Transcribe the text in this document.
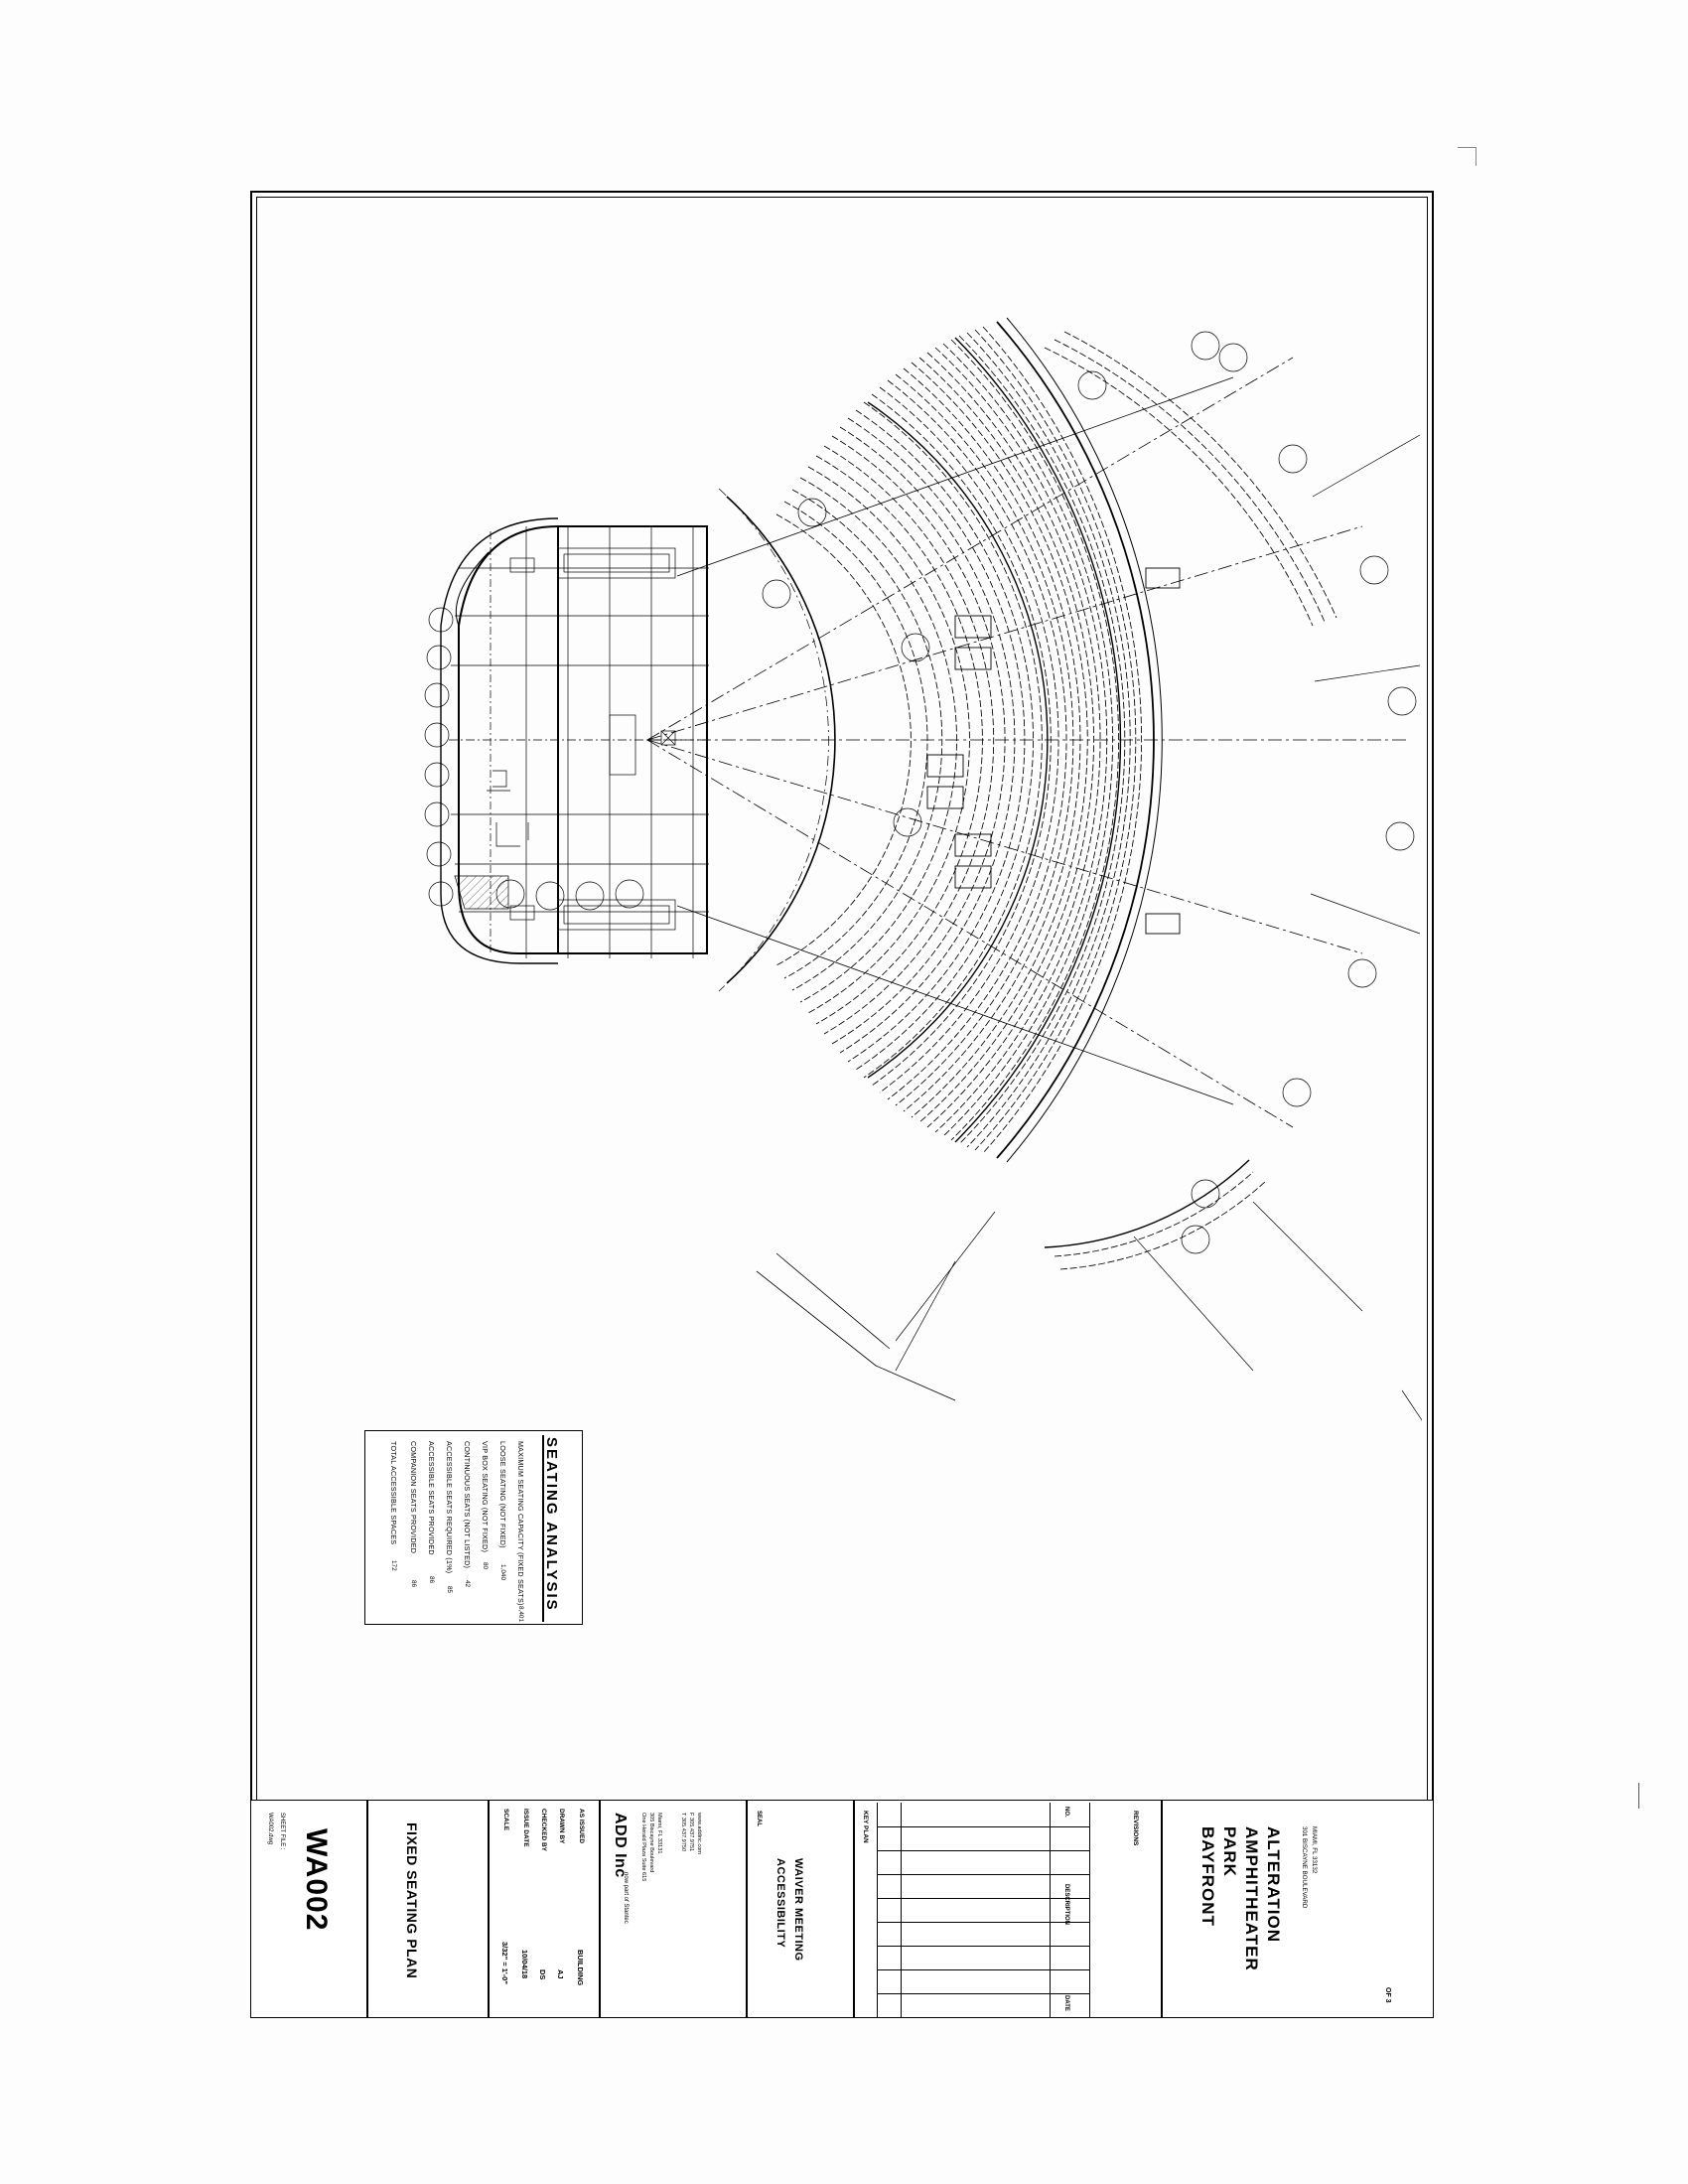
SEATING ANALYSIS
MAXIMUM SEATING CAPACITY (FIXED SEATS)
8,401
LOOSE SEATING (NOT FIXED)
1,040
VIP BOX SEATING (NOT FIXED)
80
CONTINUOUS SEATS (NOT LISTED)
42
ACCESSIBLE SEATS REQUIRED (1%)
85
ACCESSIBLE SEATS PROVIDED
86
COMPANION SEATS PROVIDED
86
TOTAL ACCESSIBLE SPACES
172
WA002
SHEET FILE :
WA002.dwg	FIXED SEATING PLAN	AS ISSUED
BUILDING
DRAWN BY
AJ
CHECKED BY
DS
ISSUE DATE
10/04/18
SCALE
3/32" = 1'-0"
ADD Inc
now part of Stantec
One Herald Plaza Suite 615 305 Biscayne Boulevard Miami, FL 33131	T 305.437.9750 F 305.437.9751 www.addinc.com
ACCESSIBILITY WAIVER MEETING
SEAL	NO.
DESCRIPTION
DATE
KEY PLAN	REVISIONS	BAYFRONT PARK AMPHITHEATER ALTERATION	301 BISCAYNE BOULEVARD MIAMI, FL 33132
OF 3
